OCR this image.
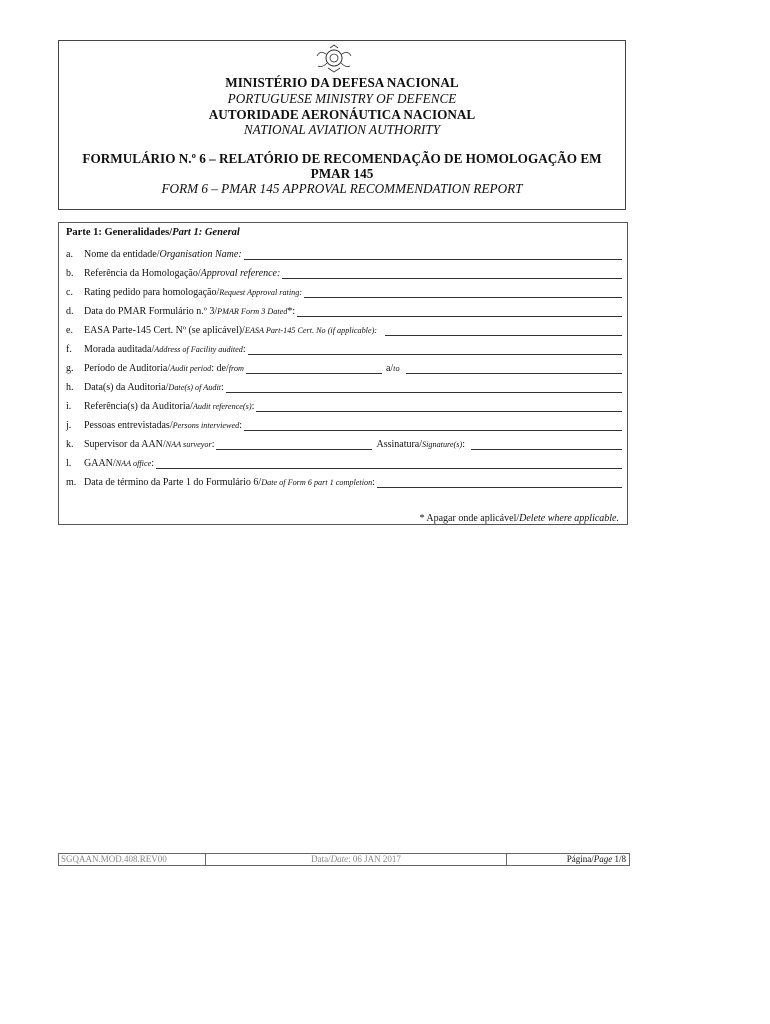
MINISTÉRIO DA DEFESA NACIONAL
PORTUGUESE MINISTRY OF DEFENCE
AUTORIDADE AERONÁUTICA NACIONAL
NATIONAL AVIATION AUTHORITY
FORMULÁRIO N.º 6 – RELATÓRIO DE RECOMENDAÇÃO DE HOMOLOGAÇÃO EM
PMAR 145
FORM 6 – PMAR 145 APPROVAL RECOMMENDATION REPORT
Parte 1: Generalidades/Part 1: General
a.	Nome da entidade/Organisation Name:
b.	Referência da Homologação/Approval reference:
c.	Rating pedido para homologação/Request Approval rating:
d.	Data do PMAR Formulário n.º 3/PMAR Form 3 Dated*:
e.	EASA Parte-145 Cert. Nº (se aplicável)/EASA Part-145 Cert. No (if applicable):
f.	Morada auditada/Address of Facility audited:
g.	Período de Auditoria/Audit period: de/from	a/to
h.	Data(s) da Auditoria/Date(s) of Audit:
i.	Referência(s) da Auditoria/Audit reference(s):
j.	Pessoas entrevistadas/Persons interviewed:
k.	Supervisor da AAN/NAA surveyor:	Assinatura/Signature(s):
l.	GAAN/NAA office:
m. Data de término da Parte 1 do Formulário 6/Date of Form 6 part 1 completion:
* Apagar onde aplicável/Delete where applicable.
SGQAAN.MOD.408.REV00	Data/Date: 06 JAN 2017	Página/Page 1/8
